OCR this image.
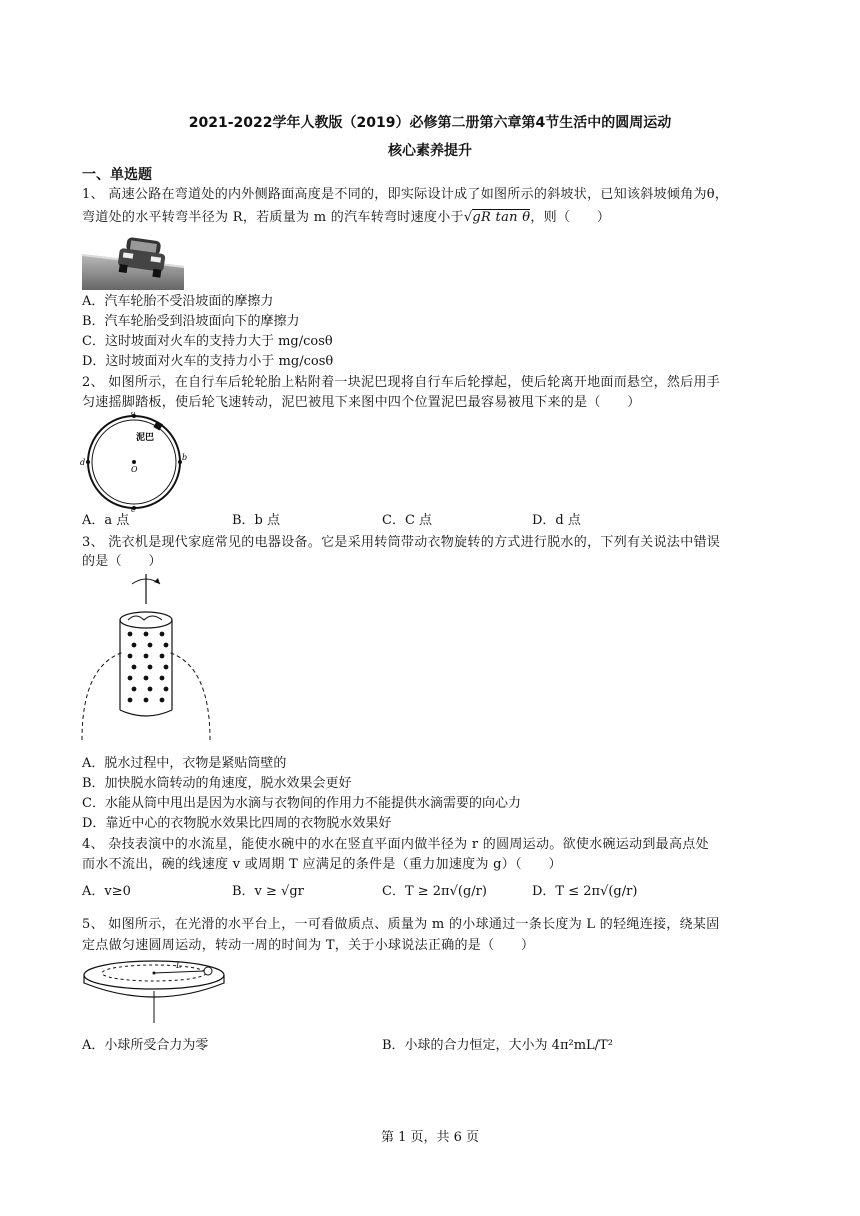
2021-2022学年人教版（2019）必修第二册第六章第4节生活中的圆周运动
核心素养提升
一、单选题
1、 高速公路在弯道处的内外侧路面高度是不同的，即实际设计成了如图所示的斜坡状，已知该斜坡倾角为θ，
弯道处的水平转弯半径为 R，若质量为 m 的汽车转弯时速度小于√gR tan θ，则（　　）
A．汽车轮胎不受沿坡面的摩擦力
B．汽车轮胎受到沿坡面向下的摩擦力
C．这时坡面对火车的支持力大于 mg/cosθ
D．这时坡面对火车的支持力小于 mg/cosθ
2、 如图所示，在自行车后轮轮胎上粘附着一块泥巴现将自行车后轮撑起，使后轮离开地面而悬空，然后用手
匀速摇脚踏板，使后轮飞速转动，泥巴被甩下来图中四个位置泥巴最容易被甩下来的是（　　）
a
b
c
d
O
泥巴
A．a 点	B．b 点	C．C 点	D．d 点
3、 洗衣机是现代家庭常见的电器设备。它是采用转筒带动衣物旋转的方式进行脱水的，下列有关说法中错误
的是（　　）
A．脱水过程中，衣物是紧贴筒壁的
B．加快脱水筒转动的角速度，脱水效果会更好
C．水能从筒中甩出是因为水滴与衣物间的作用力不能提供水滴需要的向心力
D．靠近中心的衣物脱水效果比四周的衣物脱水效果好
4、 杂技表演中的水流星，能使水碗中的水在竖直平面内做半径为 r 的圆周运动。欲使水碗运动到最高点处
而水不流出，碗的线速度 v 或周期 T 应满足的条件是（重力加速度为 g）（　　）
A．v≥0	B．v ≥ √gr	C．T ≥ 2π√(g/r)	D．T ≤ 2π√(g/r)
5、 如图所示，在光滑的水平台上，一可看做质点、质量为 m 的小球通过一条长度为 L 的轻绳连接，绕某固
定点做匀速圆周运动，转动一周的时间为 T，关于小球说法正确的是（　　）
L
A．小球所受合力为零	B．小球的合力恒定，大小为 4π²mL/T²
第 1 页，共 6 页
